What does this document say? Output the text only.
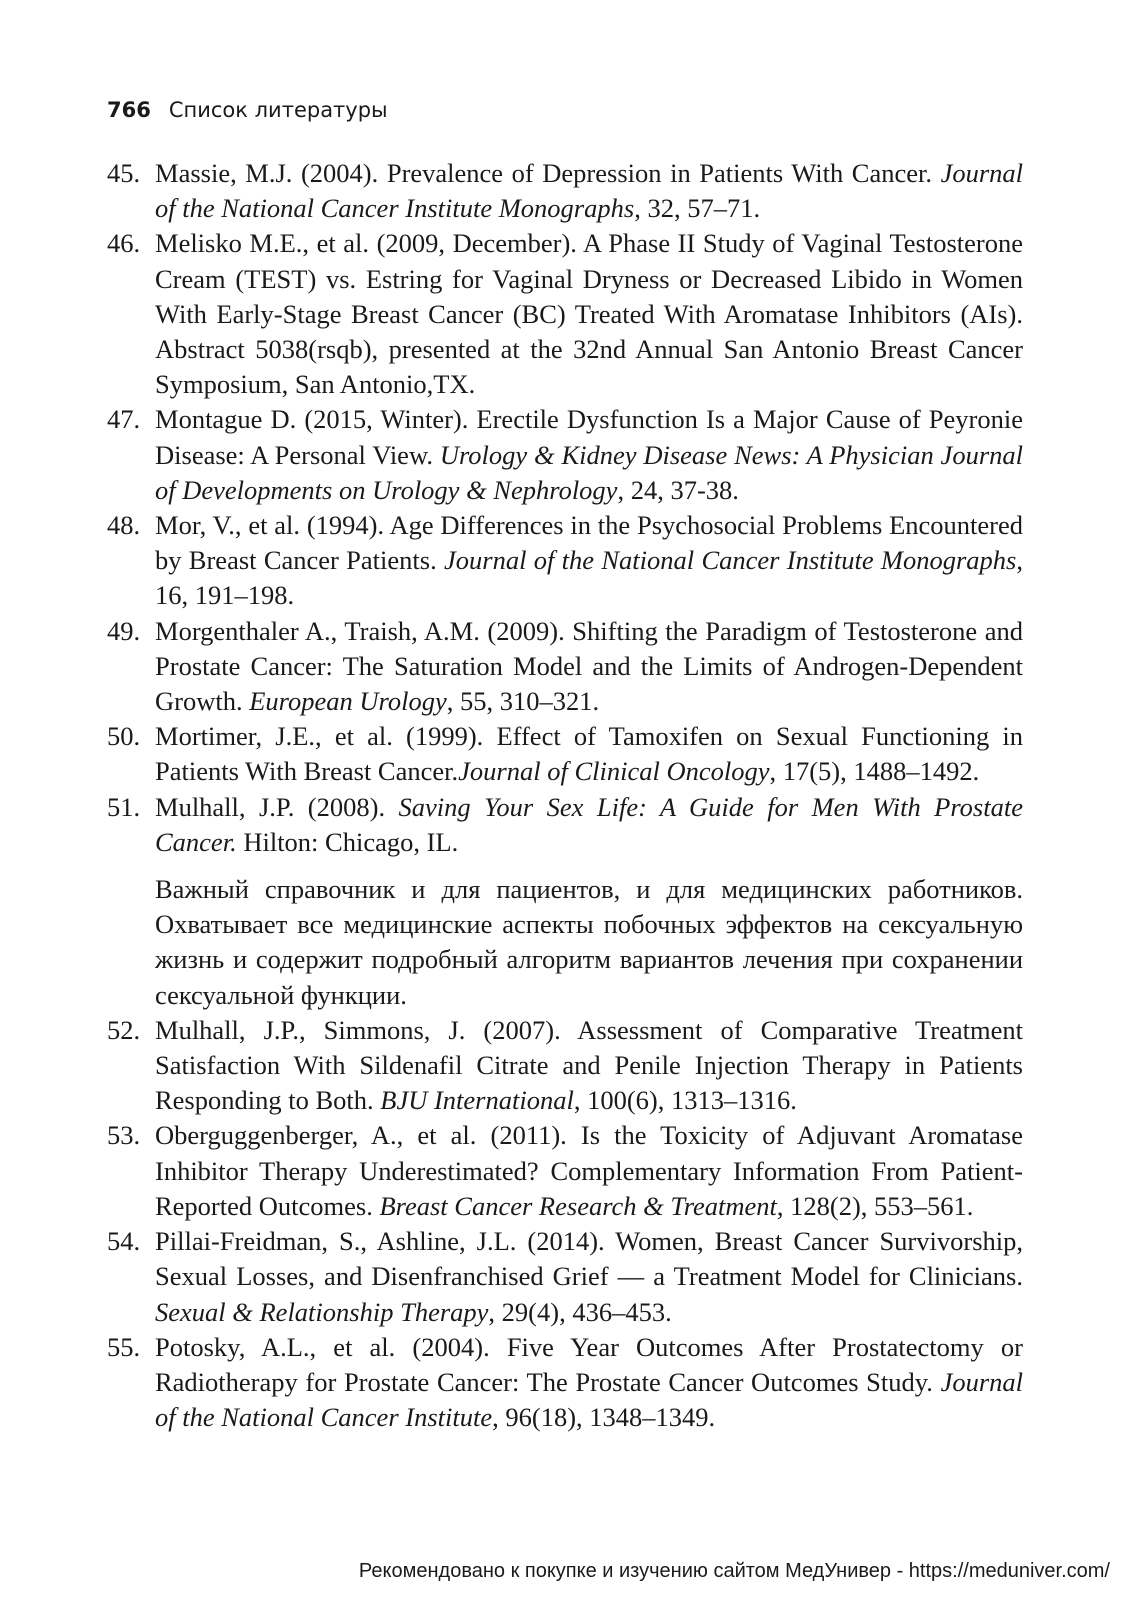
766 Список литературы
45. Massie, M.J. (2004). Prevalence of Depression in Patients With Cancer. Journal of the National Cancer Institute Monographs, 32, 57–71.
46. Melisko M.E., et al. (2009, December). A Phase II Study of Vaginal Testosterone Cream (TEST) vs. Estring for Vaginal Dryness or Decreased Libido in Women With Early-Stage Breast Cancer (BC) Treated With Aromatase Inhibitors (AIs). Abstract 5038(rsqb), presented at the 32nd Annual San Antonio Breast Cancer Symposium, San Antonio,TX.
47. Montague D. (2015, Winter). Erectile Dysfunction Is a Major Cause of Peyronie Disease: A Personal View. Urology & Kidney Disease News: A Physician Journal of Developments on Urology & Nephrology, 24, 37-38.
48. Mor, V., et al. (1994). Age Differences in the Psychosocial Problems Encountered by Breast Cancer Patients. Journal of the National Cancer Institute Monographs, 16, 191–198.
49. Morgenthaler A., Traish, A.M. (2009). Shifting the Paradigm of Testosterone and Prostate Cancer: The Saturation Model and the Limits of Androgen-Dependent Growth. European Urology, 55, 310–321.
50. Mortimer, J.E., et al. (1999). Effect of Tamoxifen on Sexual Functioning in Patients With Breast Cancer.Journal of Clinical Oncology, 17(5), 1488–1492.
51. Mulhall, J.P. (2008). Saving Your Sex Life: A Guide for Men With Prostate Cancer. Hilton: Chicago, IL.
Важный справочник и для пациентов, и для медицинских работников. Охватывает все медицинские аспекты побочных эффектов на сексуальную жизнь и содержит подробный алгоритм вариантов лечения при сохранении сексуальной функции.
52. Mulhall, J.P., Simmons, J. (2007). Assessment of Comparative Treatment Satisfaction With Sildenafil Citrate and Penile Injection Therapy in Patients Responding to Both. BJU International, 100(6), 1313–1316.
53. Oberguggenberger, A., et al. (2011). Is the Toxicity of Adjuvant Aromatase Inhibitor Therapy Underestimated? Complementary Information From Patient-Reported Outcomes. Breast Cancer Research & Treatment, 128(2), 553–561.
54. Pillai-Freidman, S., Ashline, J.L. (2014). Women, Breast Cancer Survivorship, Sexual Losses, and Disenfranchised Grief — a Treatment Model for Clinicians. Sexual & Relationship Therapy, 29(4), 436–453.
55. Potosky, A.L., et al. (2004). Five Year Outcomes After Prostatectomy or Radiotherapy for Prostate Cancer: The Prostate Cancer Outcomes Study. Journal of the National Cancer Institute, 96(18), 1348–1349.
Рекомендовано к покупке и изучению сайтом МедУнивер - https://meduniver.com/
